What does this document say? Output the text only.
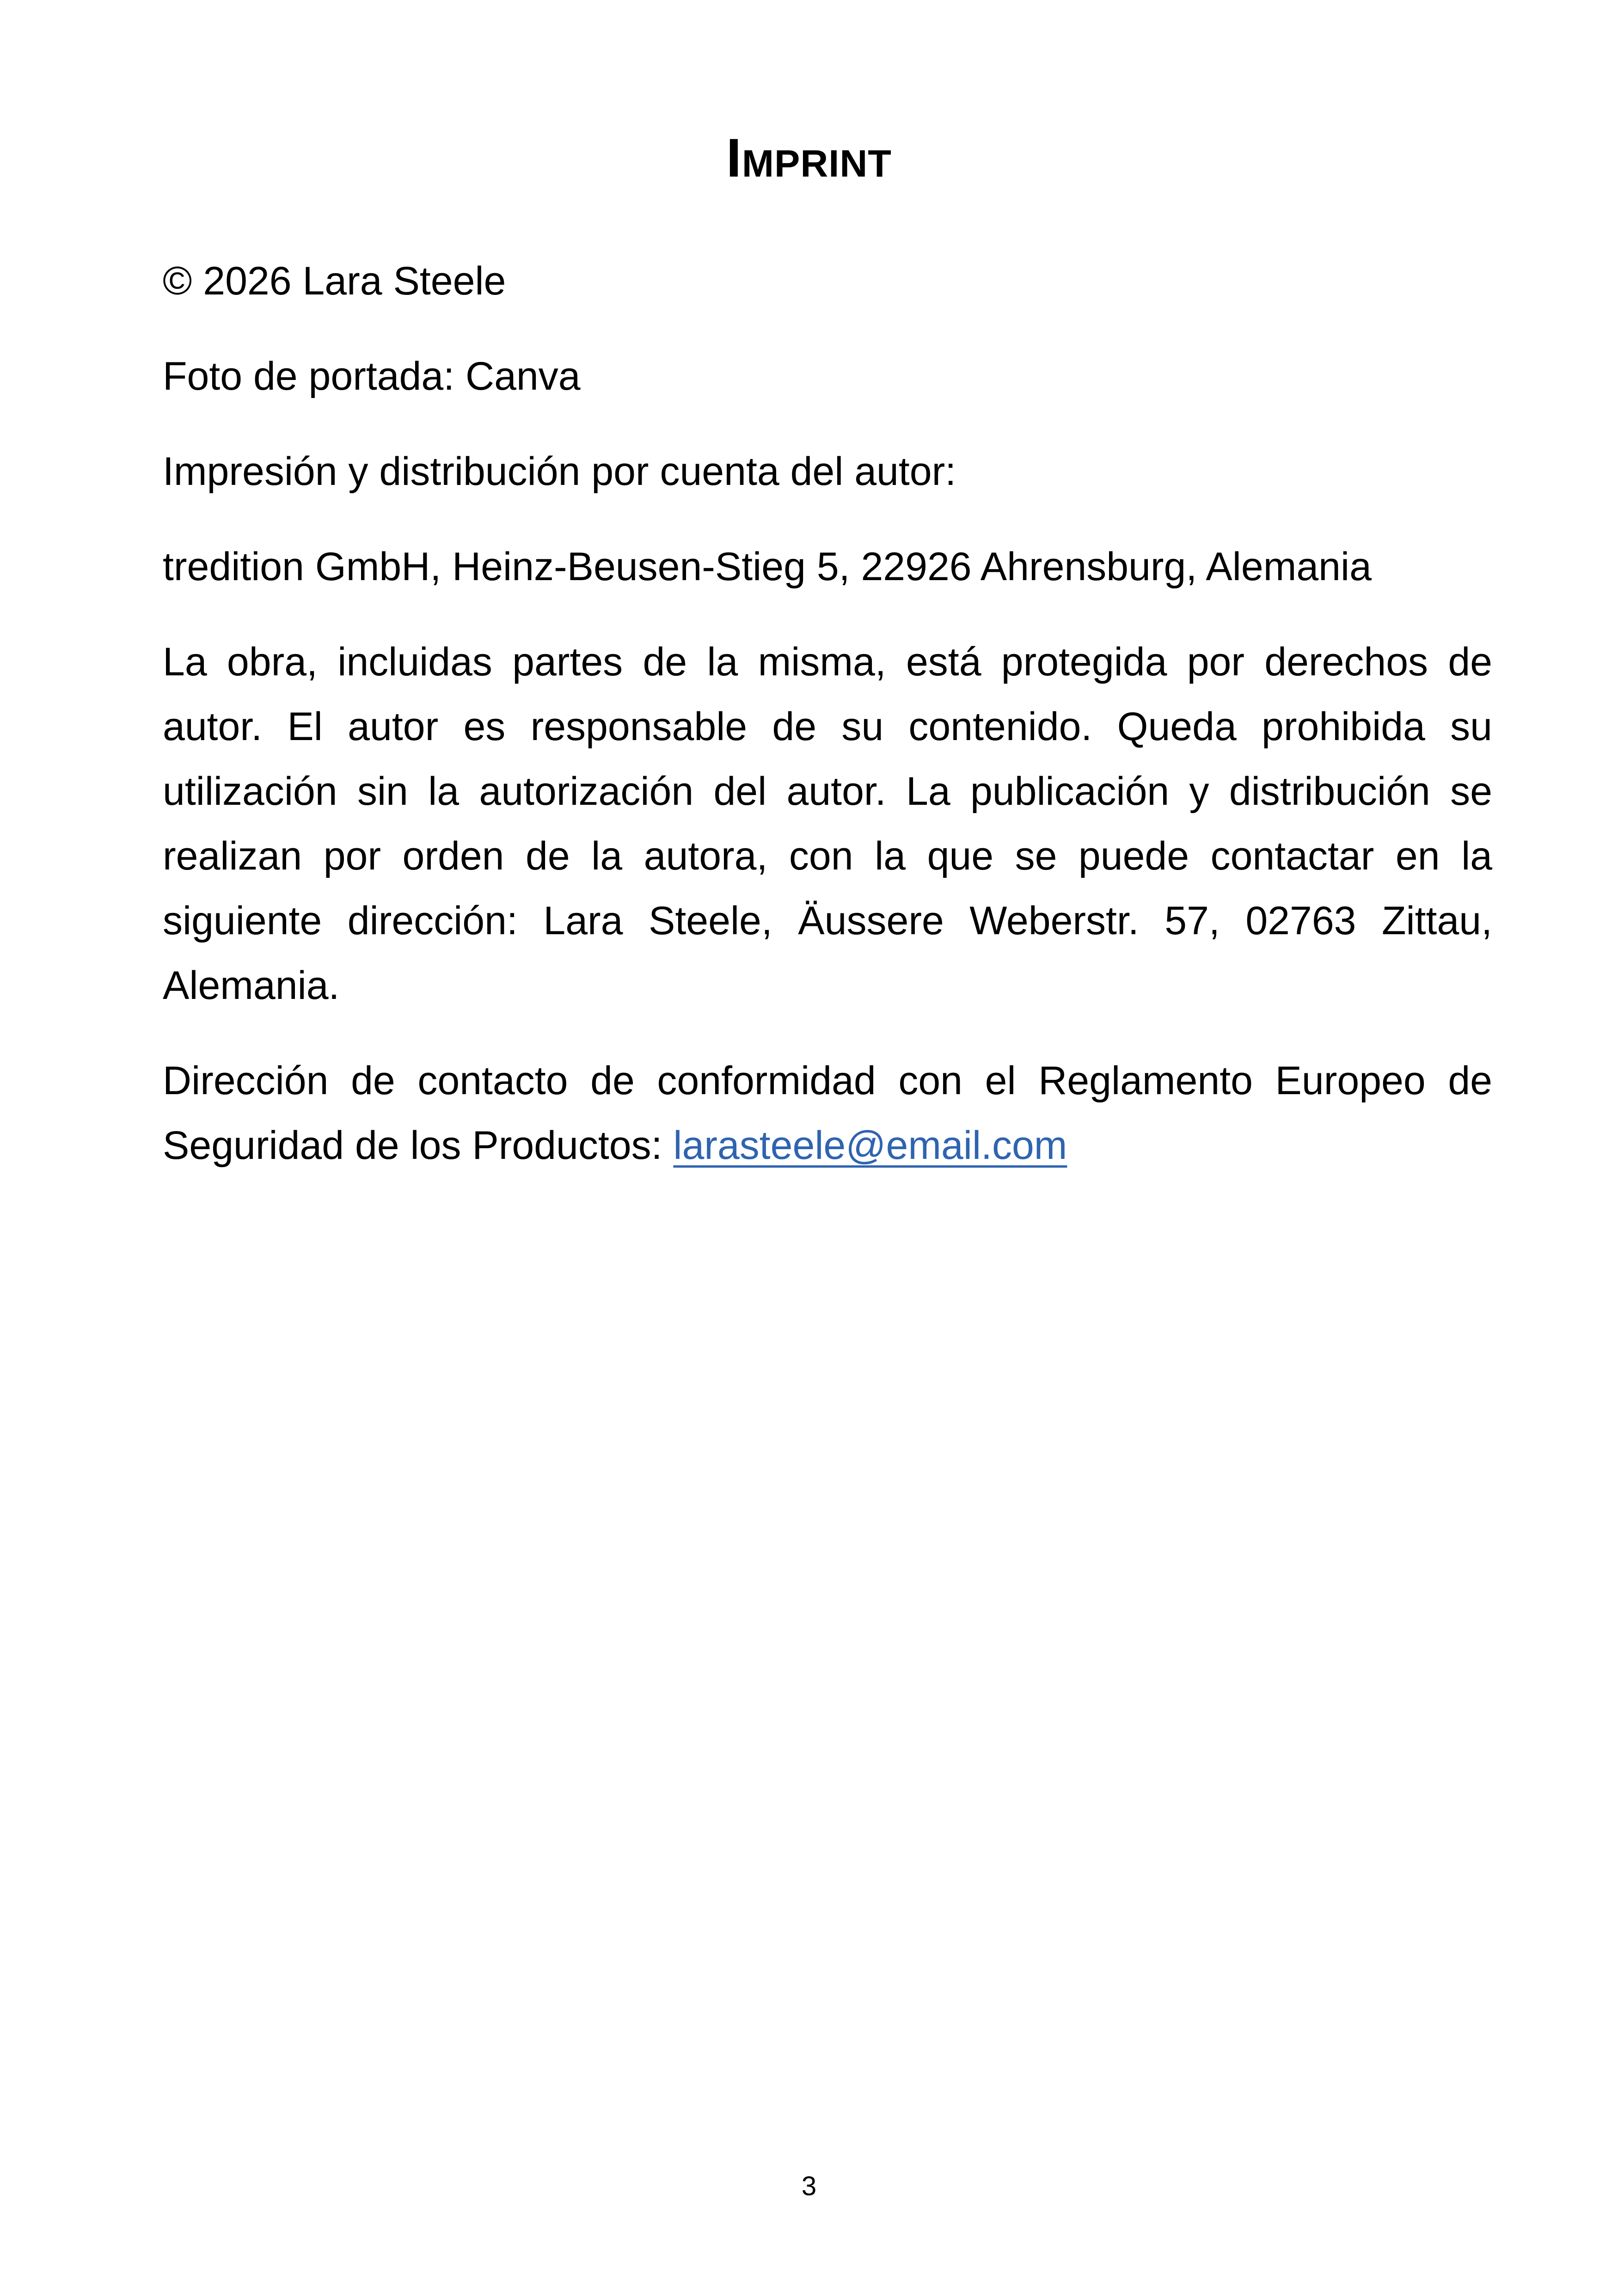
Imprint

© 2026 Lara Steele

Foto de portada: Canva

Impresión y distribución por cuenta del autor:

tredition GmbH, Heinz-Beusen-Stieg 5, 22926 Ahrensburg, Alemania

La obra, incluidas partes de la misma, está protegida por derechos de autor. El autor es responsable de su contenido. Queda prohibida su utilización sin la autorización del autor. La publicación y distribución se realizan por orden de la autora, con la que se puede contactar en la siguiente dirección: Lara Steele, Äussere Weberstr. 57, 02763 Zittau, Alemania.

Dirección de contacto de conformidad con el Reglamento Europeo de Seguridad de los Productos: larasteele@email.com

3
